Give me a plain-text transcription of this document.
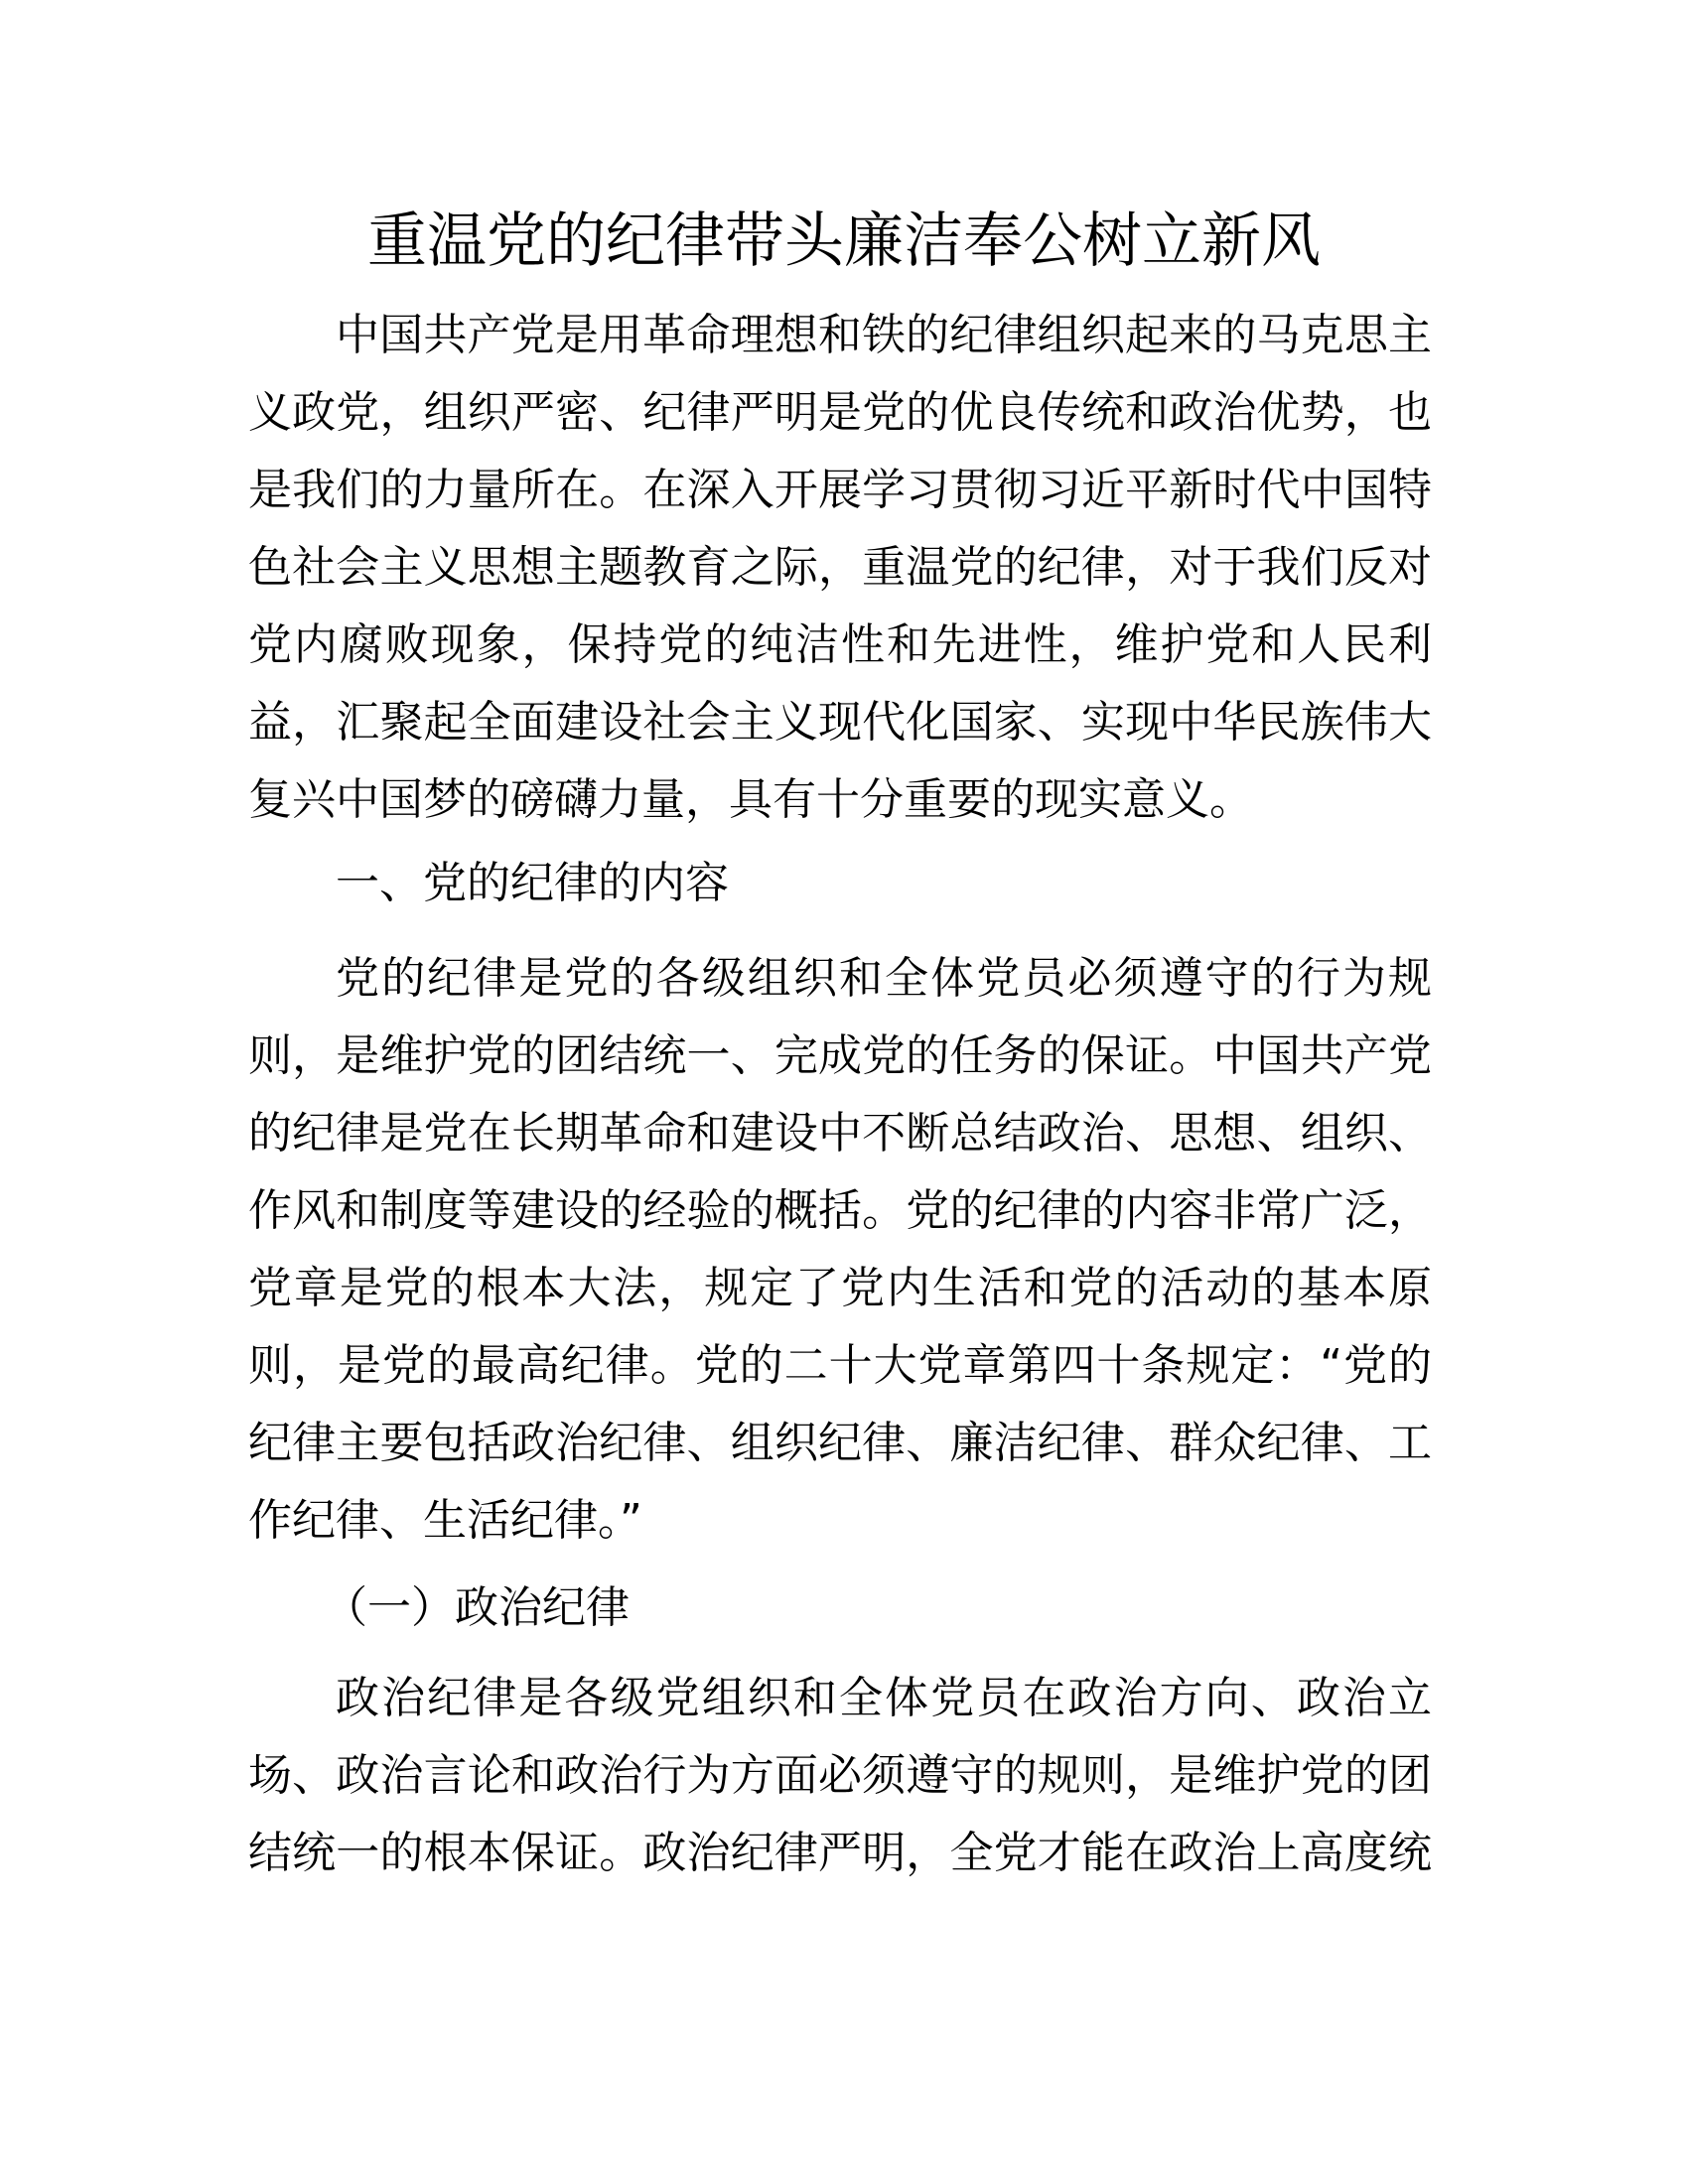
重温党的纪律带头廉洁奉公树立新风
中国共产党是用革命理想和铁的纪律组织起来的马克思主
义政党，组织严密、纪律严明是党的优良传统和政治优势，也
是我们的力量所在。在深入开展学习贯彻习近平新时代中国特
色社会主义思想主题教育之际，重温党的纪律，对于我们反对
党内腐败现象，保持党的纯洁性和先进性，维护党和人民利
益，汇聚起全面建设社会主义现代化国家、实现中华民族伟大
复兴中国梦的磅礴力量，具有十分重要的现实意义。
一、党的纪律的内容
党的纪律是党的各级组织和全体党员必须遵守的行为规
则，是维护党的团结统一、完成党的任务的保证。中国共产党
的纪律是党在长期革命和建设中不断总结政治、思想、组织、
作风和制度等建设的经验的概括。党的纪律的内容非常广泛，
党章是党的根本大法，规定了党内生活和党的活动的基本原
则，是党的最高纪律。党的二十大党章第四十条规定：“党的
纪律主要包括政治纪律、组织纪律、廉洁纪律、群众纪律、工
作纪律、生活纪律。”
（一）政治纪律
政治纪律是各级党组织和全体党员在政治方向、政治立
场、政治言论和政治行为方面必须遵守的规则，是维护党的团
结统一的根本保证。政治纪律严明，全党才能在政治上高度统
